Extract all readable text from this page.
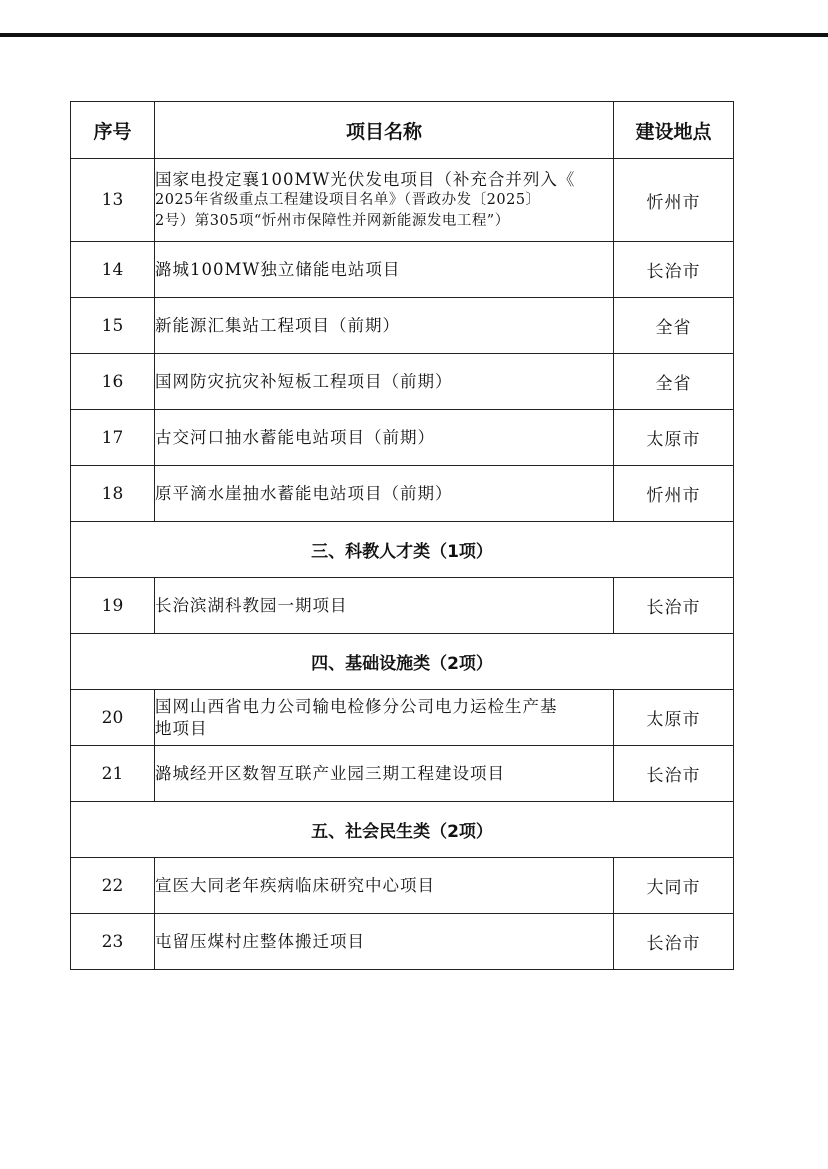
序号	项目名称	建设地点
13	国家电投定襄100MW光伏发电项目（补充合并列入《
2025年省级重点工程建设项目名单》（晋政办发〔2025〕
2号）第305项“忻州市保障性并网新能源发电工程”）	忻州市
14	潞城100MW独立储能电站项目	长治市
15	新能源汇集站工程项目（前期）	全省
16	国网防灾抗灾补短板工程项目（前期）	全省
17	古交河口抽水蓄能电站项目（前期）	太原市
18	原平滴水崖抽水蓄能电站项目（前期）	忻州市
三、科教人才类（1项）		
19	长治滨湖科教园一期项目	长治市
四、基础设施类（2项）		
20	国网山西省电力公司输电检修分公司电力运检生产基
地项目	太原市
21	潞城经开区数智互联产业园三期工程建设项目	长治市
五、社会民生类（2项）		
22	宣医大同老年疾病临床研究中心项目	大同市
23	屯留压煤村庄整体搬迁项目	长治市
